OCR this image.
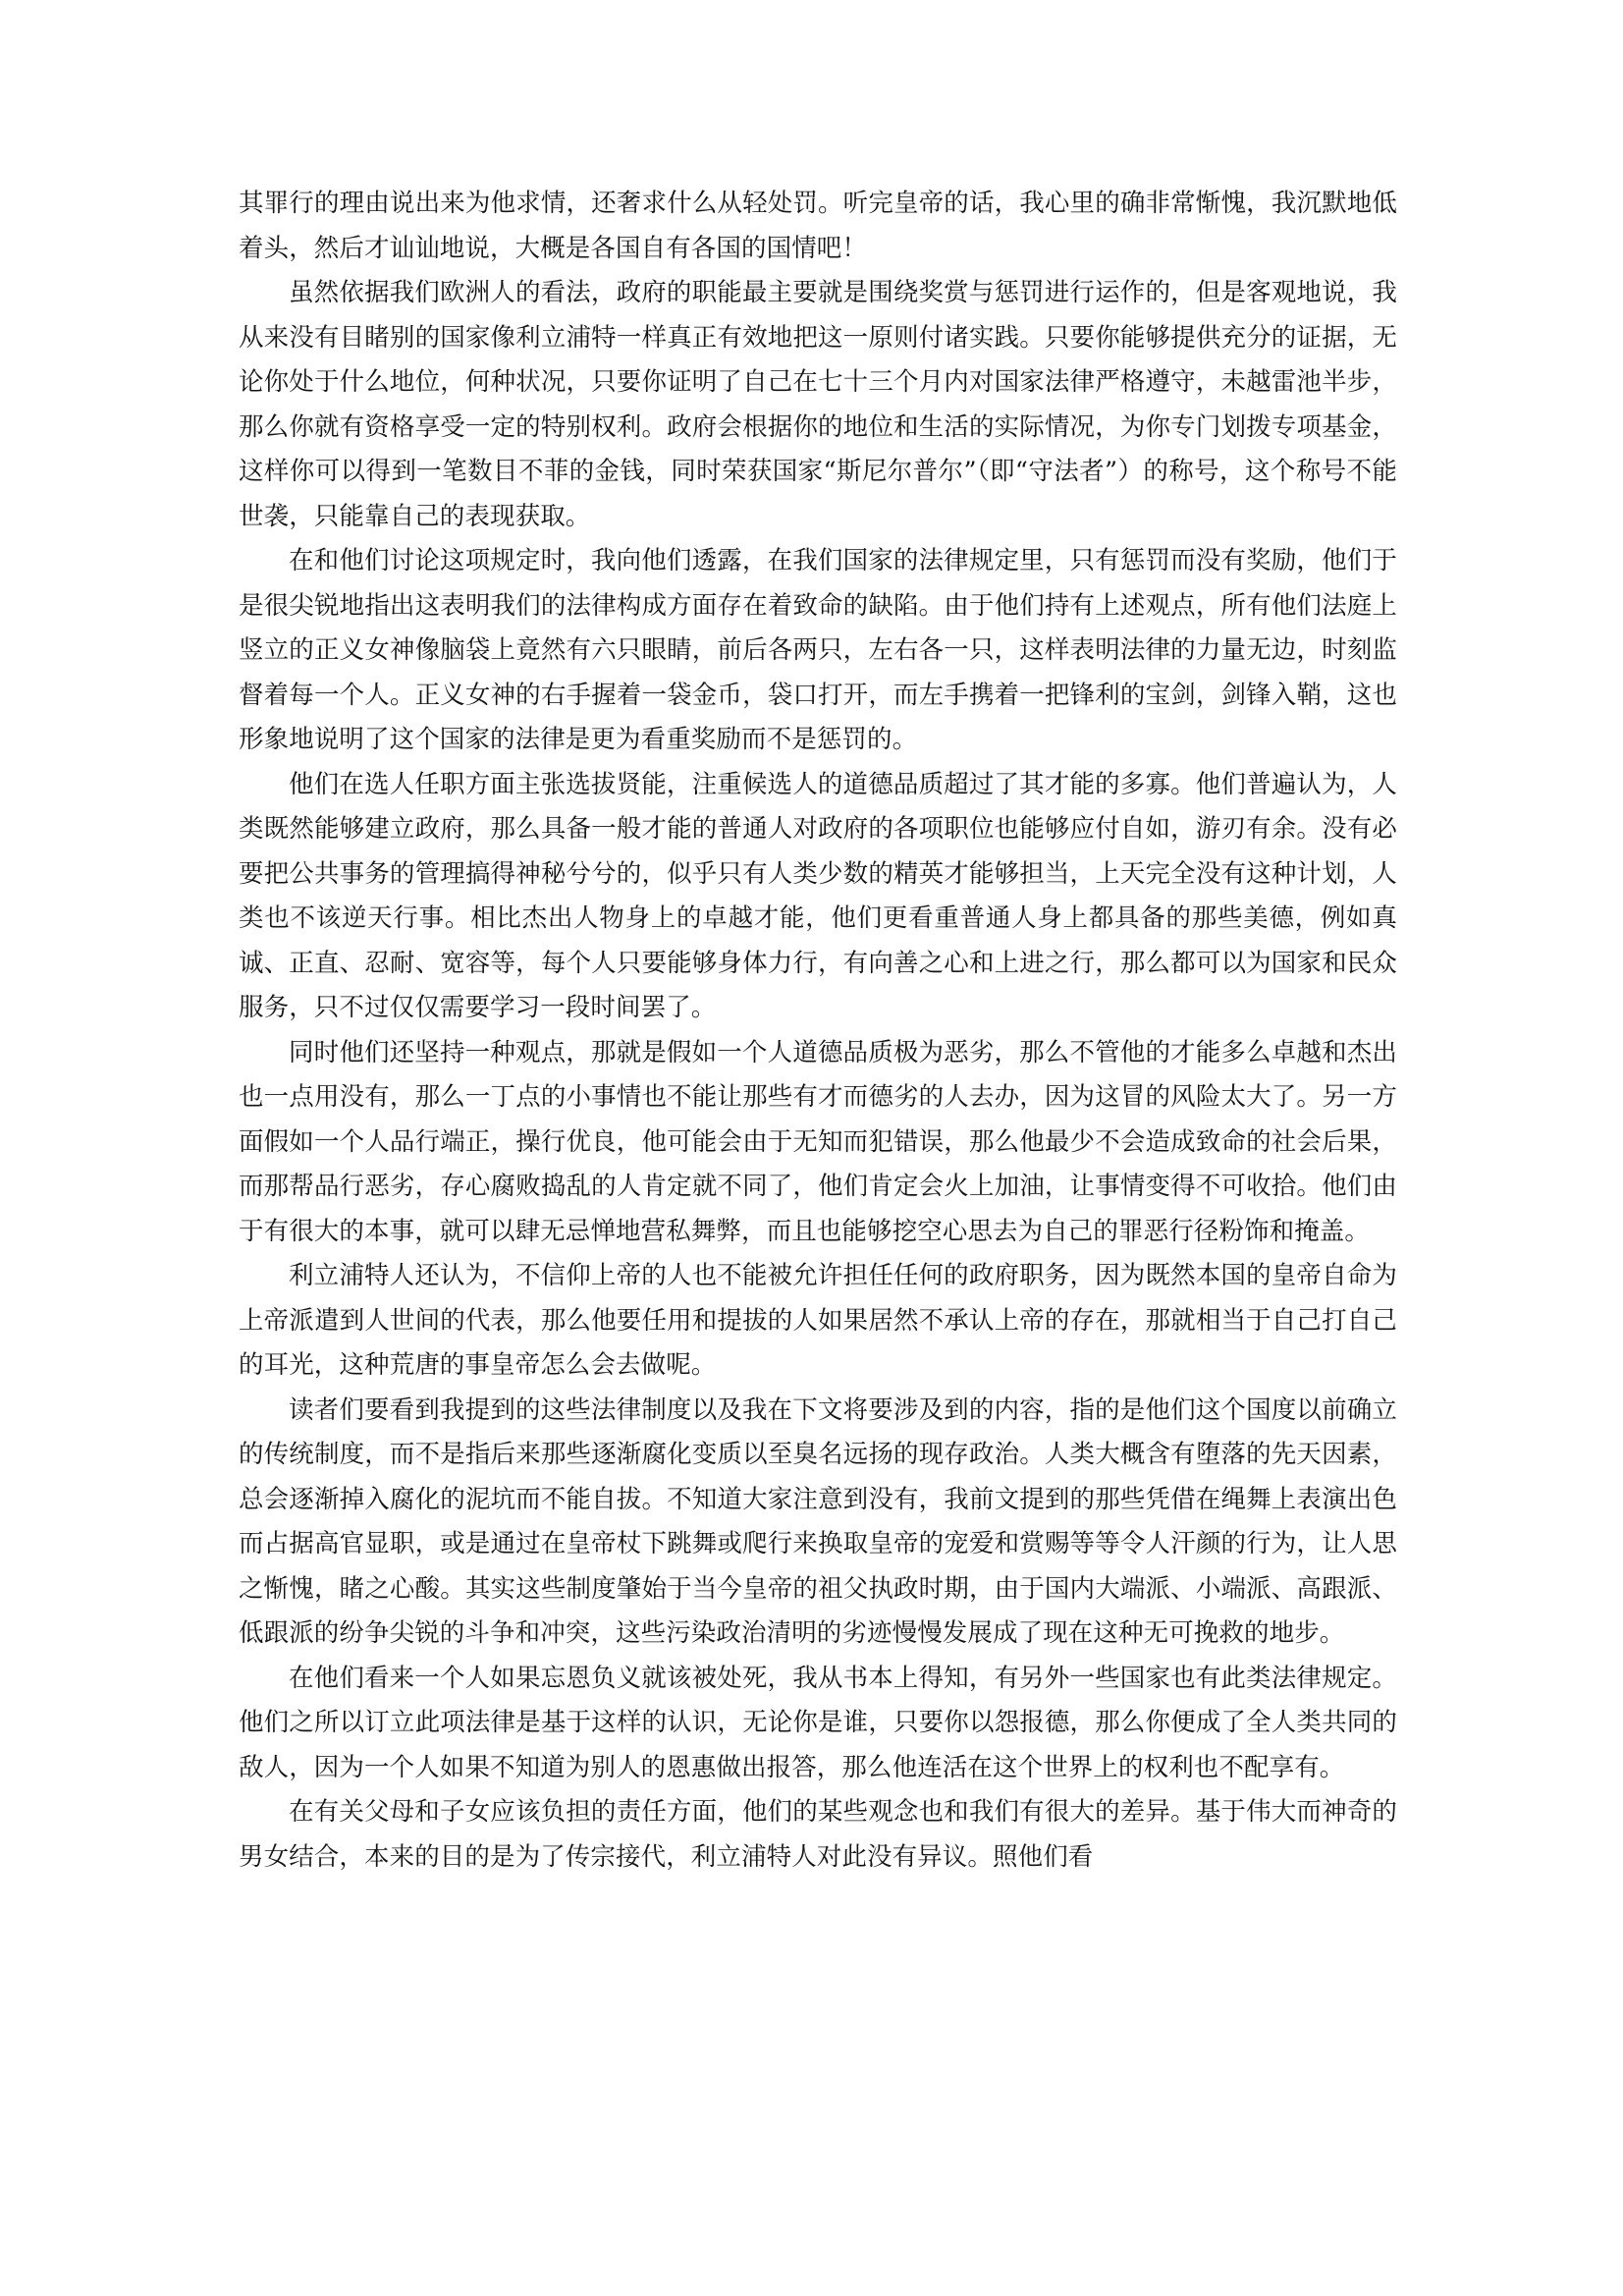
其罪行的理由说出来为他求情，还奢求什么从轻处罚。听完皇帝的话，我心里的确非常惭愧，我沉默地低着头，然后才讪讪地说，大概是各国自有各国的国情吧！

虽然依据我们欧洲人的看法，政府的职能最主要就是围绕奖赏与惩罚进行运作的，但是客观地说，我从来没有目睹别的国家像利立浦特一样真正有效地把这一原则付诸实践。只要你能够提供充分的证据，无论你处于什么地位，何种状况，只要你证明了自己在七十三个月内对国家法律严格遵守，未越雷池半步，那么你就有资格享受一定的特别权利。政府会根据你的地位和生活的实际情况，为你专门划拨专项基金，这样你可以得到一笔数目不菲的金钱，同时荣获国家“斯尼尔普尔”（即“守法者”）的称号，这个称号不能世袭，只能靠自己的表现获取。

在和他们讨论这项规定时，我向他们透露，在我们国家的法律规定里，只有惩罚而没有奖励，他们于是很尖锐地指出这表明我们的法律构成方面存在着致命的缺陷。由于他们持有上述观点，所有他们法庭上竖立的正义女神像脑袋上竟然有六只眼睛，前后各两只，左右各一只，这样表明法律的力量无边，时刻监督着每一个人。正义女神的右手握着一袋金币，袋口打开，而左手携着一把锋利的宝剑，剑锋入鞘，这也形象地说明了这个国家的法律是更为看重奖励而不是惩罚的。

他们在选人任职方面主张选拔贤能，注重候选人的道德品质超过了其才能的多寡。他们普遍认为，人类既然能够建立政府，那么具备一般才能的普通人对政府的各项职位也能够应付自如，游刃有余。没有必要把公共事务的管理搞得神秘兮兮的，似乎只有人类少数的精英才能够担当，上天完全没有这种计划，人类也不该逆天行事。相比杰出人物身上的卓越才能，他们更看重普通人身上都具备的那些美德，例如真诚、正直、忍耐、宽容等，每个人只要能够身体力行，有向善之心和上进之行，那么都可以为国家和民众服务，只不过仅仅需要学习一段时间罢了。

同时他们还坚持一种观点，那就是假如一个人道德品质极为恶劣，那么不管他的才能多么卓越和杰出也一点用没有，那么一丁点的小事情也不能让那些有才而德劣的人去办，因为这冒的风险太大了。另一方面假如一个人品行端正，操行优良，他可能会由于无知而犯错误，那么他最少不会造成致命的社会后果，而那帮品行恶劣，存心腐败捣乱的人肯定就不同了，他们肯定会火上加油，让事情变得不可收拾。他们由于有很大的本事，就可以肆无忌惮地营私舞弊，而且也能够挖空心思去为自己的罪恶行径粉饰和掩盖。

利立浦特人还认为，不信仰上帝的人也不能被允许担任任何的政府职务，因为既然本国的皇帝自命为上帝派遣到人世间的代表，那么他要任用和提拔的人如果居然不承认上帝的存在，那就相当于自己打自己的耳光，这种荒唐的事皇帝怎么会去做呢。

读者们要看到我提到的这些法律制度以及我在下文将要涉及到的内容，指的是他们这个国度以前确立的传统制度，而不是指后来那些逐渐腐化变质以至臭名远扬的现存政治。人类大概含有堕落的先天因素，总会逐渐掉入腐化的泥坑而不能自拔。不知道大家注意到没有，我前文提到的那些凭借在绳舞上表演出色而占据高官显职，或是通过在皇帝杖下跳舞或爬行来换取皇帝的宠爱和赏赐等等令人汗颜的行为，让人思之惭愧，睹之心酸。其实这些制度肇始于当今皇帝的祖父执政时期，由于国内大端派、小端派、高跟派、低跟派的纷争尖锐的斗争和冲突，这些污染政治清明的劣迹慢慢发展成了现在这种无可挽救的地步。

在他们看来一个人如果忘恩负义就该被处死，我从书本上得知，有另外一些国家也有此类法律规定。他们之所以订立此项法律是基于这样的认识，无论你是谁，只要你以怨报德，那么你便成了全人类共同的敌人，因为一个人如果不知道为别人的恩惠做出报答，那么他连活在这个世界上的权利也不配享有。

在有关父母和子女应该负担的责任方面，他们的某些观念也和我们有很大的差异。基于伟大而神奇的男女结合，本来的目的是为了传宗接代，利立浦特人对此没有异议。照他们看
